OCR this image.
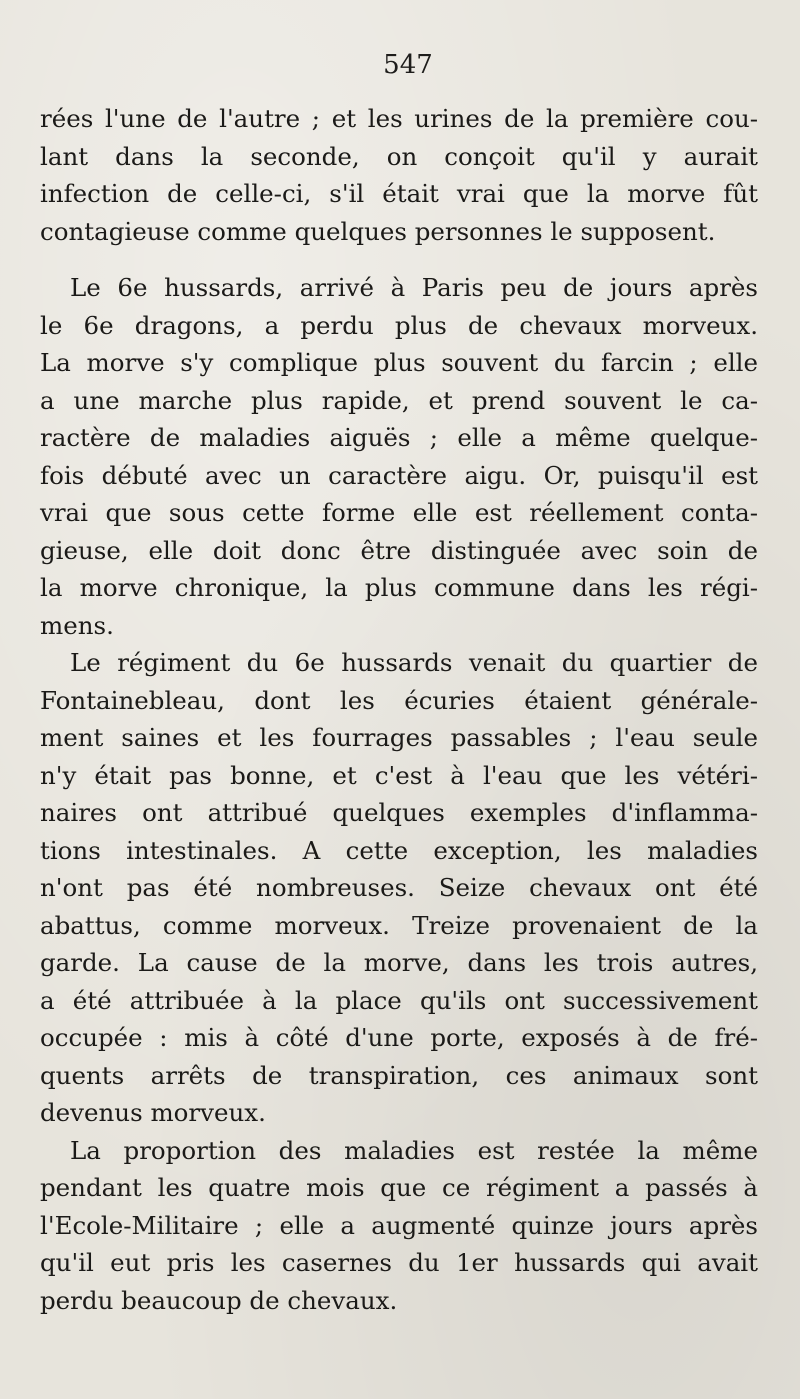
547

rées l'une de l'autre ; et les urines de la première cou-
lant dans la seconde, on conçoit qu'il y aurait
infection de celle-ci, s'il était vrai que la morve fût
contagieuse comme quelques personnes le supposent.

Le 6e hussards, arrivé à Paris peu de jours après
le 6e dragons, a perdu plus de chevaux morveux.
La morve s'y complique plus souvent du farcin ; elle
a une marche plus rapide, et prend souvent le ca-
ractère de maladies aiguës ; elle a même quelque-
fois débuté avec un caractère aigu. Or, puisqu'il est
vrai que sous cette forme elle est réellement conta-
gieuse, elle doit donc être distinguée avec soin de
la morve chronique, la plus commune dans les régi-
mens.

Le régiment du 6e hussards venait du quartier de
Fontainebleau, dont les écuries étaient générale-
ment saines et les fourrages passables ; l'eau seule
n'y était pas bonne, et c'est à l'eau que les vétéri-
naires ont attribué quelques exemples d'inflamma-
tions intestinales. A cette exception, les maladies
n'ont pas été nombreuses. Seize chevaux ont été
abattus, comme morveux. Treize provenaient de la
garde. La cause de la morve, dans les trois autres,
a été attribuée à la place qu'ils ont successivement
occupée : mis à côté d'une porte, exposés à de fré-
quents arrêts de transpiration, ces animaux sont
devenus morveux.

La proportion des maladies est restée la même
pendant les quatre mois que ce régiment a passés à
l'Ecole-Militaire ; elle a augmenté quinze jours après
qu'il eut pris les casernes du 1er hussards qui avait
perdu beaucoup de chevaux.
